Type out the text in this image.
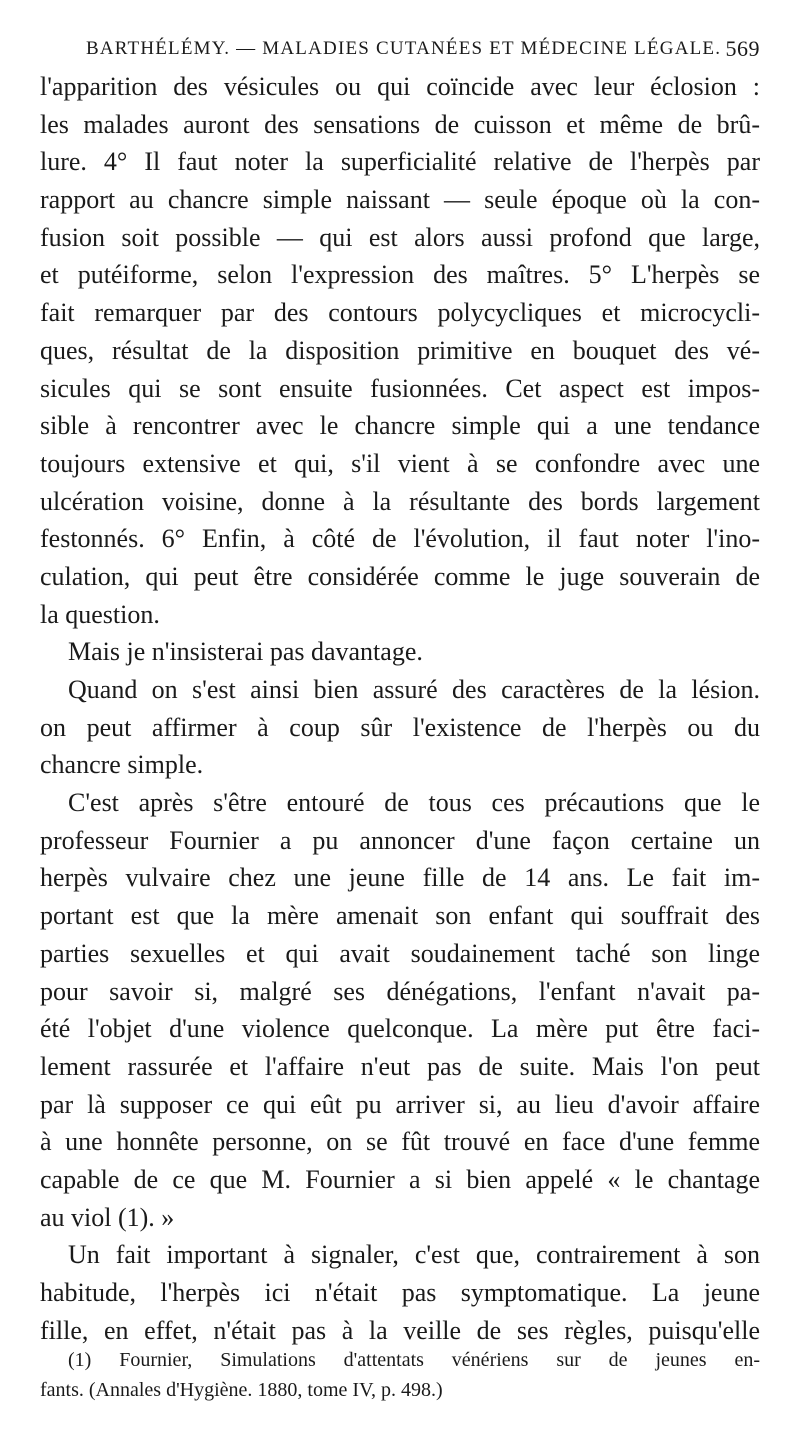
BARTHÉLÉMY. — MALADIES CUTANÉES ET MÉDECINE LÉGALE. 569
l'apparition des vésicules ou qui coïncide avec leur éclosion :
les malades auront des sensations de cuisson et même de brû-
lure. 4° Il faut noter la superficialité relative de l'herpès par
rapport au chancre simple naissant — seule époque où la con-
fusion soit possible — qui est alors aussi profond que large,
et putéiforme, selon l'expression des maîtres. 5° L'herpès se
fait remarquer par des contours polycycliques et microcycli-
ques, résultat de la disposition primitive en bouquet des vé-
sicules qui se sont ensuite fusionnées. Cet aspect est impos-
sible à rencontrer avec le chancre simple qui a une tendance
toujours extensive et qui, s'il vient à se confondre avec une
ulcération voisine, donne à la résultante des bords largement
festonnés. 6° Enfin, à côté de l'évolution, il faut noter l'ino-
culation, qui peut être considérée comme le juge souverain de
la question.
Mais je n'insisterai pas davantage.
Quand on s'est ainsi bien assuré des caractères de la lésion.
on peut affirmer à coup sûr l'existence de l'herpès ou du
chancre simple.
C'est après s'être entouré de tous ces précautions que le
professeur Fournier a pu annoncer d'une façon certaine un
herpès vulvaire chez une jeune fille de 14 ans. Le fait im-
portant est que la mère amenait son enfant qui souffrait des
parties sexuelles et qui avait soudainement taché son linge
pour savoir si, malgré ses dénégations, l'enfant n'avait pa-
été l'objet d'une violence quelconque. La mère put être faci-
lement rassurée et l'affaire n'eut pas de suite. Mais l'on peut
par là supposer ce qui eût pu arriver si, au lieu d'avoir affaire
à une honnête personne, on se fût trouvé en face d'une femme
capable de ce que M. Fournier a si bien appelé « le chantage
au viol (1). »
Un fait important à signaler, c'est que, contrairement à son
habitude, l'herpès ici n'était pas symptomatique. La jeune
fille, en effet, n'était pas à la veille de ses règles, puisqu'elle
(1) Fournier, Simulations d'attentats vénériens sur de jeunes en-
fants. (Annales d'Hygiène. 1880, tome IV, p. 498.)
